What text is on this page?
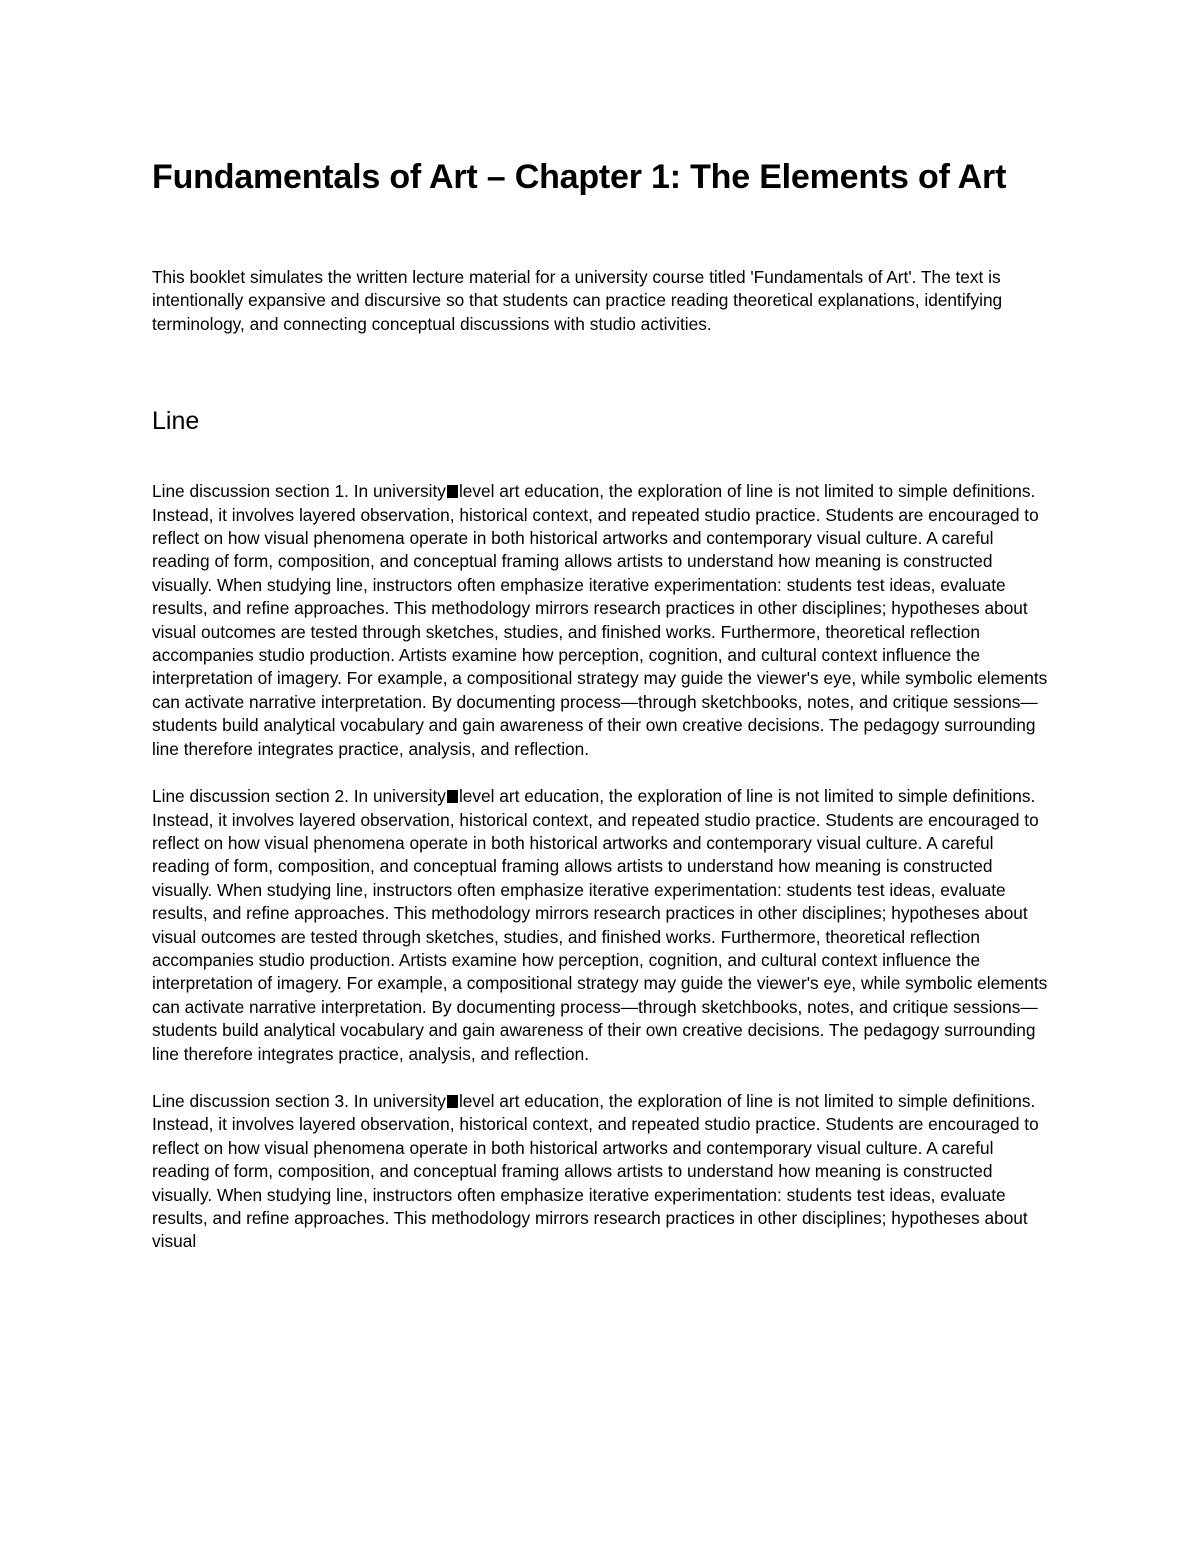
Fundamentals of Art – Chapter 1: The Elements of Art

This booklet simulates the written lecture material for a university course titled 'Fundamentals of Art'. The text is intentionally expansive and discursive so that students can practice reading theoretical explanations, identifying terminology, and connecting conceptual discussions with studio activities.

Line

Line discussion section 1. In university level art education, the exploration of line is not limited to simple definitions. Instead, it involves layered observation, historical context, and repeated studio practice. Students are encouraged to reflect on how visual phenomena operate in both historical artworks and contemporary visual culture. A careful reading of form, composition, and conceptual framing allows artists to understand how meaning is constructed visually. When studying line, instructors often emphasize iterative experimentation: students test ideas, evaluate results, and refine approaches. This methodology mirrors research practices in other disciplines; hypotheses about visual outcomes are tested through sketches, studies, and finished works. Furthermore, theoretical reflection accompanies studio production. Artists examine how perception, cognition, and cultural context influence the interpretation of imagery. For example, a compositional strategy may guide the viewer's eye, while symbolic elements can activate narrative interpretation. By documenting process—through sketchbooks, notes, and critique sessions—students build analytical vocabulary and gain awareness of their own creative decisions. The pedagogy surrounding line therefore integrates practice, analysis, and reflection.

Line discussion section 2. In university level art education, the exploration of line is not limited to simple definitions. Instead, it involves layered observation, historical context, and repeated studio practice. Students are encouraged to reflect on how visual phenomena operate in both historical artworks and contemporary visual culture. A careful reading of form, composition, and conceptual framing allows artists to understand how meaning is constructed visually. When studying line, instructors often emphasize iterative experimentation: students test ideas, evaluate results, and refine approaches. This methodology mirrors research practices in other disciplines; hypotheses about visual outcomes are tested through sketches, studies, and finished works. Furthermore, theoretical reflection accompanies studio production. Artists examine how perception, cognition, and cultural context influence the interpretation of imagery. For example, a compositional strategy may guide the viewer's eye, while symbolic elements can activate narrative interpretation. By documenting process—through sketchbooks, notes, and critique sessions—students build analytical vocabulary and gain awareness of their own creative decisions. The pedagogy surrounding line therefore integrates practice, analysis, and reflection.

Line discussion section 3. In university level art education, the exploration of line is not limited to simple definitions. Instead, it involves layered observation, historical context, and repeated studio practice. Students are encouraged to reflect on how visual phenomena operate in both historical artworks and contemporary visual culture. A careful reading of form, composition, and conceptual framing allows artists to understand how meaning is constructed visually. When studying line, instructors often emphasize iterative experimentation: students test ideas, evaluate results, and refine approaches. This methodology mirrors research practices in other disciplines; hypotheses about visual
